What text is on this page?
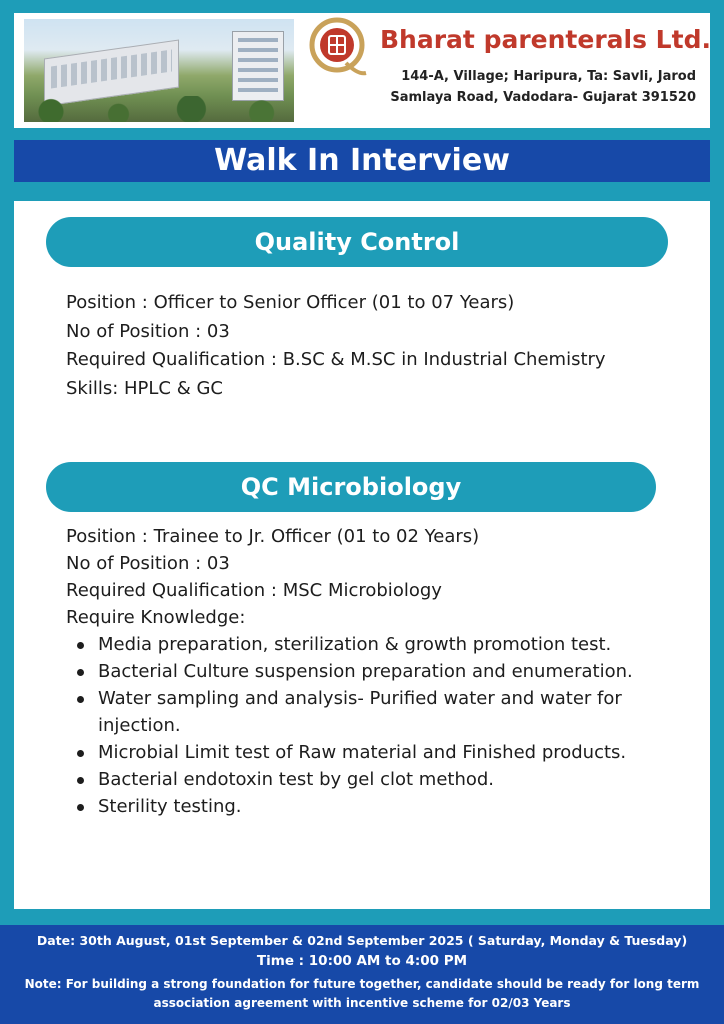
Bharat parenterals Ltd.
144-A, Village; Haripura, Ta: Savli, Jarod
Samlaya Road, Vadodara- Gujarat 391520
Walk In Interview
Quality Control
Position : Officer to Senior Officer (01 to 07 Years)
No of Position : 03
Required Qualification : B.SC & M.SC in Industrial Chemistry
Skills: HPLC & GC
QC Microbiology
Position : Trainee to Jr. Officer (01 to 02 Years)
No of Position : 03
Required Qualification : MSC Microbiology
Require Knowledge:
Media preparation, sterilization & growth promotion test.
Bacterial Culture suspension preparation and enumeration.
Water sampling and analysis- Purified water and water for injection.
Microbial Limit test of Raw material and Finished products.
Bacterial endotoxin test by gel clot method.
Sterility testing.
Date: 30th August, 01st September & 02nd September 2025 ( Saturday, Monday & Tuesday)
Time : 10:00 AM to 4:00 PM
Note: For building a strong foundation for future together, candidate should be ready for long term association agreement with incentive scheme for 02/03 Years
